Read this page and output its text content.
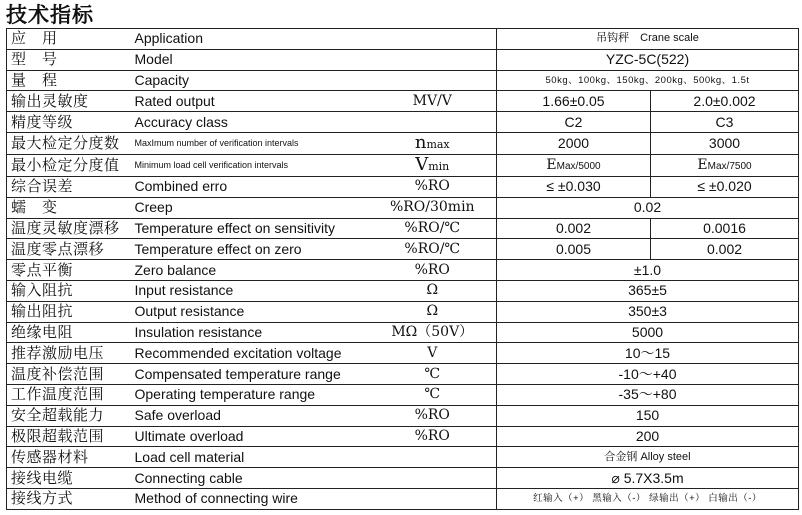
技术指标
应　用	Application		吊钩秤　Crane scale	
型　号	Model		YZC-5C(522)	
量　程	Capacity		50kg、100kg、150kg、200kg、500kg、1.5t	
输出灵敏度	Rated output	MV/V	1.66±0.05	2.0±0.002
精度等级	Accuracy class		C2	C3
最大检定分度数	MaxImum number of verification intervals	nmax	2000	3000
最小检定分度值	Minimum load cell verification intervals	Vmin	EMax/5000	EMax/7500
综合误差	Combined erro	%RO	≤ ±0.030	≤ ±0.020
蠕　变	Creep	%RO/30min	0.02	
温度灵敏度漂移	Temperature effect on sensitivity	%RO/℃	0.002	0.0016
温度零点漂移	Temperature effect on zero	%RO/℃	0.005	0.002
零点平衡	Zero balance	%RO	±1.0	
输入阻抗	Input resistance	Ω	365±5	
输出阻抗	Output resistance	Ω	350±3	
绝缘电阻	Insulation resistance	MΩ（50V）	5000	
推荐激励电压	Recommended excitation voltage	V	10～15	
温度补偿范围	Compensated temperature range	℃	-10～+40	
工作温度范围	Operating temperature range	℃	-35～+80	
安全超载能力	Safe overload	%RO	150	
极限超载范围	Ultimate overload	%RO	200	
传感器材料	Load cell material		合金钢 Alloy steel	
接线电缆	Connecting cable		⌀ 5.7X3.5m	
接线方式	Method of connecting wire		红输入（+） 黑输入（-） 绿输出（+） 白输出（-）	
